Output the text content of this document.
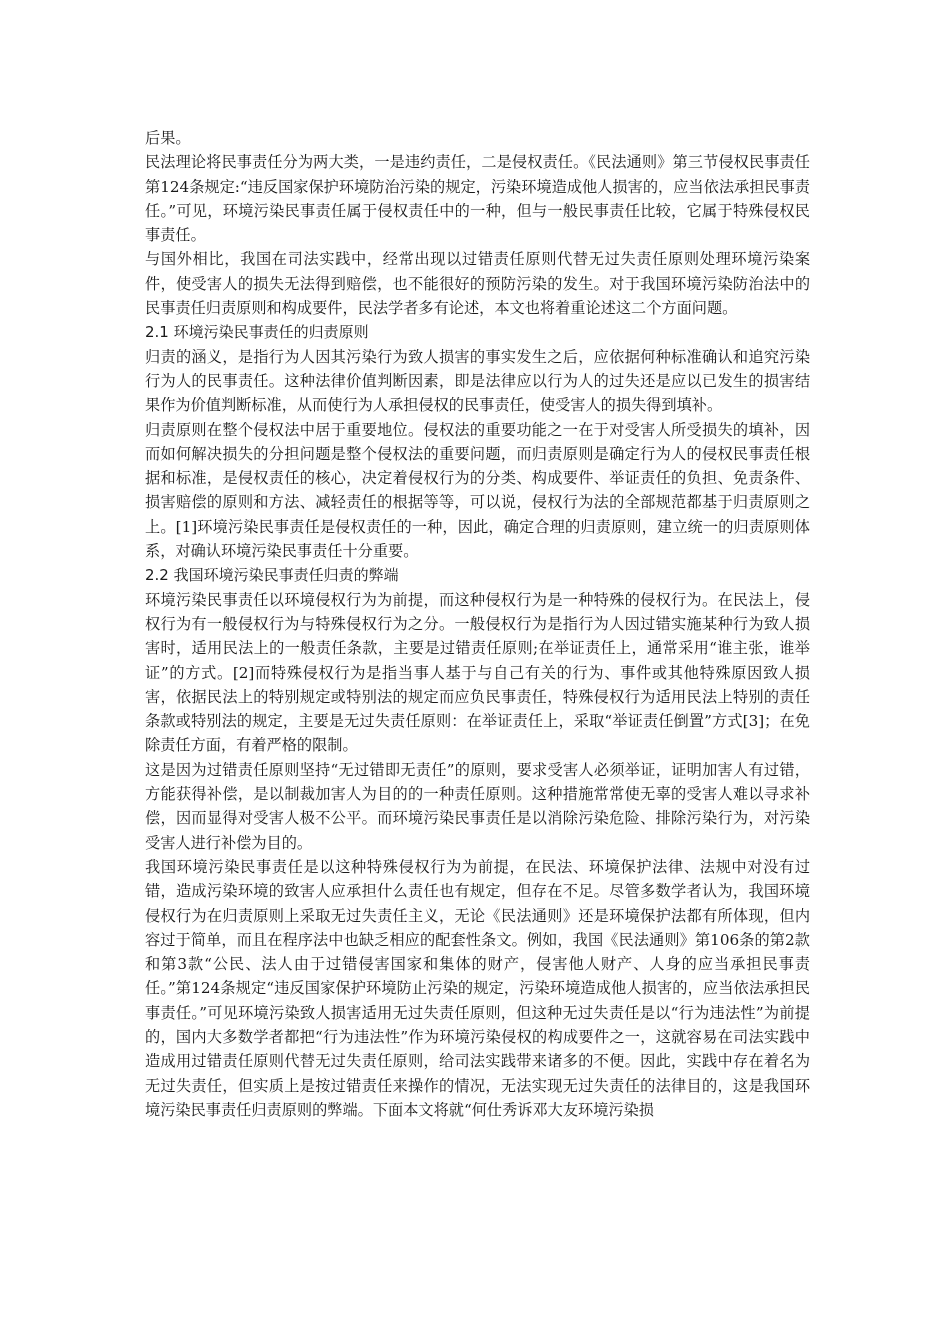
后果。

民法理论将民事责任分为两大类，一是违约责任，二是侵权责任。《民法通则》第三节侵权民事责任第124条规定:“违反国家保护环境防治污染的规定，污染环境造成他人损害的，应当依法承担民事责任。”可见，环境污染民事责任属于侵权责任中的一种，但与一般民事责任比较，它属于特殊侵权民事责任。

与国外相比，我国在司法实践中，经常出现以过错责任原则代替无过失责任原则处理环境污染案件，使受害人的损失无法得到赔偿，也不能很好的预防污染的发生。对于我国环境污染防治法中的民事责任归责原则和构成要件，民法学者多有论述，本文也将着重论述这二个方面问题。

2.1 环境污染民事责任的归责原则

归责的涵义，是指行为人因其污染行为致人损害的事实发生之后，应依据何种标准确认和追究污染行为人的民事责任。这种法律价值判断因素，即是法律应以行为人的过失还是应以已发生的损害结果作为价值判断标准，从而使行为人承担侵权的民事责任，使受害人的损失得到填补。

归责原则在整个侵权法中居于重要地位。侵权法的重要功能之一在于对受害人所受损失的填补，因而如何解决损失的分担问题是整个侵权法的重要问题，而归责原则是确定行为人的侵权民事责任根据和标准，是侵权责任的核心，决定着侵权行为的分类、构成要件、举证责任的负担、免责条件、损害赔偿的原则和方法、减轻责任的根据等等，可以说，侵权行为法的全部规范都基于归责原则之上。[1]环境污染民事责任是侵权责任的一种，因此，确定合理的归责原则，建立统一的归责原则体系，对确认环境污染民事责任十分重要。

2.2 我国环境污染民事责任归责的弊端

环境污染民事责任以环境侵权行为为前提，而这种侵权行为是一种特殊的侵权行为。在民法上，侵权行为有一般侵权行为与特殊侵权行为之分。一般侵权行为是指行为人因过错实施某种行为致人损害时，适用民法上的一般责任条款，主要是过错责任原则;在举证责任上，通常采用“谁主张，谁举证”的方式。[2]而特殊侵权行为是指当事人基于与自己有关的行为、事件或其他特殊原因致人损害，依据民法上的特别规定或特别法的规定而应负民事责任，特殊侵权行为适用民法上特别的责任条款或特别法的规定，主要是无过失责任原则：在举证责任上，采取“举证责任倒置”方式[3]；在免除责任方面，有着严格的限制。

这是因为过错责任原则坚持“无过错即无责任”的原则，要求受害人必须举证，证明加害人有过错，方能获得补偿，是以制裁加害人为目的的一种责任原则。这种措施常常使无辜的受害人难以寻求补偿，因而显得对受害人极不公平。而环境污染民事责任是以消除污染危险、排除污染行为，对污染受害人进行补偿为目的。

我国环境污染民事责任是以这种特殊侵权行为为前提，在民法、环境保护法律、法规中对没有过错，造成污染环境的致害人应承担什么责任也有规定，但存在不足。尽管多数学者认为，我国环境侵权行为在归责原则上采取无过失责任主义，无论《民法通则》还是环境保护法都有所体现，但内容过于简单，而且在程序法中也缺乏相应的配套性条文。例如，我国《民法通则》第106条的第2款和第3款“公民、法人由于过错侵害国家和集体的财产，侵害他人财产、人身的应当承担民事责任。”第124条规定“违反国家保护环境防止污染的规定，污染环境造成他人损害的，应当依法承担民事责任。”可见环境污染致人损害适用无过失责任原则，但这种无过失责任是以“行为违法性”为前提的，国内大多数学者都把“行为违法性”作为环境污染侵权的构成要件之一，这就容易在司法实践中造成用过错责任原则代替无过失责任原则，给司法实践带来诸多的不便。因此，实践中存在着名为无过失责任，但实质上是按过错责任来操作的情况，无法实现无过失责任的法律目的，这是我国环境污染民事责任归责原则的弊端。下面本文将就“何仕秀诉邓大友环境污染损
